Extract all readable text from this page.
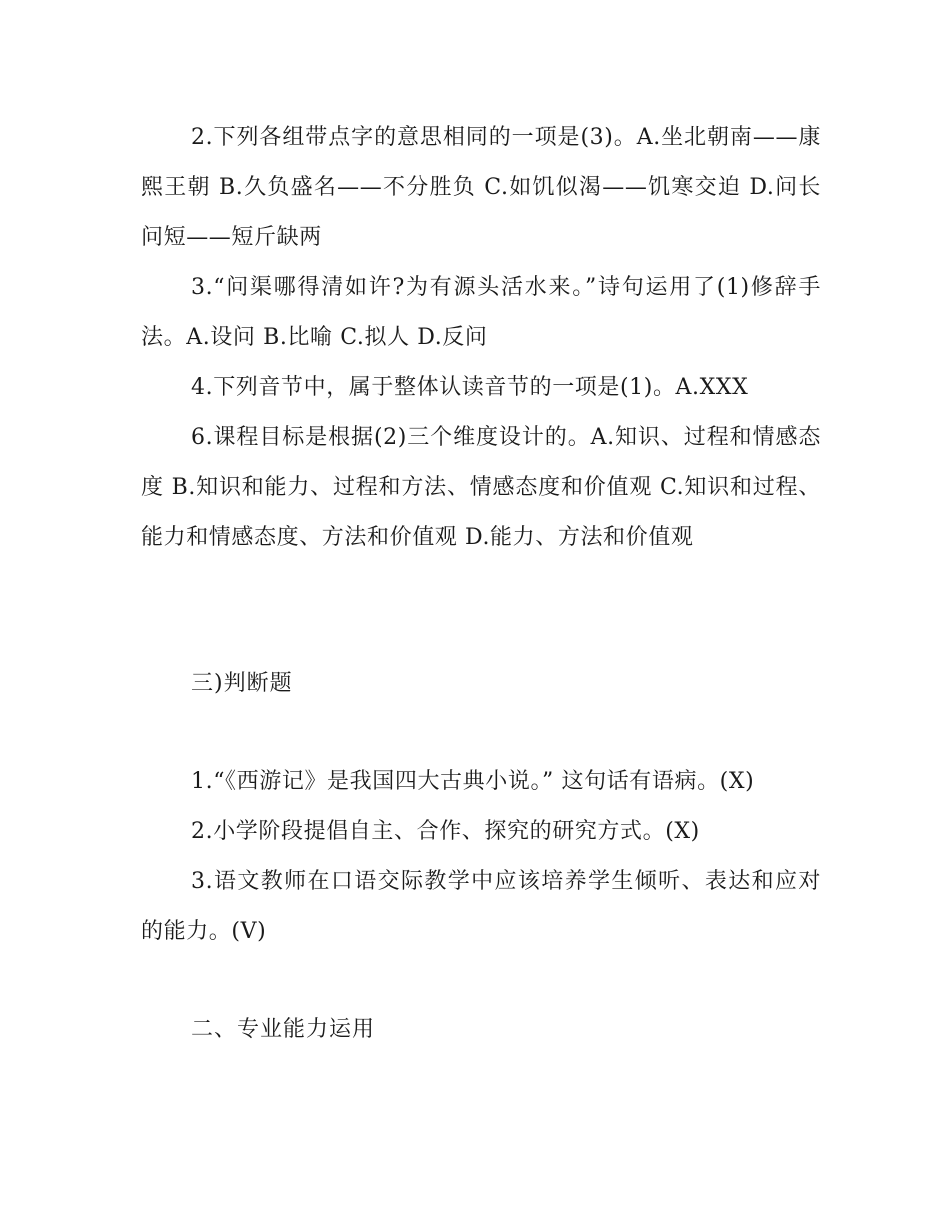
2.下列各组带点字的意思相同的一项是(3)。A.坐北朝南——康熙王朝 B.久负盛名——不分胜负 C.如饥似渴——饥寒交迫 D.问长问短——短斤缺两

3.“问渠哪得清如许?为有源头活水来。”诗句运用了(1)修辞手法。A.设问 B.比喻 C.拟人 D.反问

4.下列音节中，属于整体认读音节的一项是(1)。A.XXX

6.课程目标是根据(2)三个维度设计的。A.知识、过程和情感态度 B.知识和能力、过程和方法、情感态度和价值观 C.知识和过程、能力和情感态度、方法和价值观 D.能力、方法和价值观

三)判断题

1.“《西游记》是我国四大古典小说。” 这句话有语病。(X)

2.小学阶段提倡自主、合作、探究的研究方式。(X)

3.语文教师在口语交际教学中应该培养学生倾听、表达和应对的能力。(V)

二、专业能力运用
